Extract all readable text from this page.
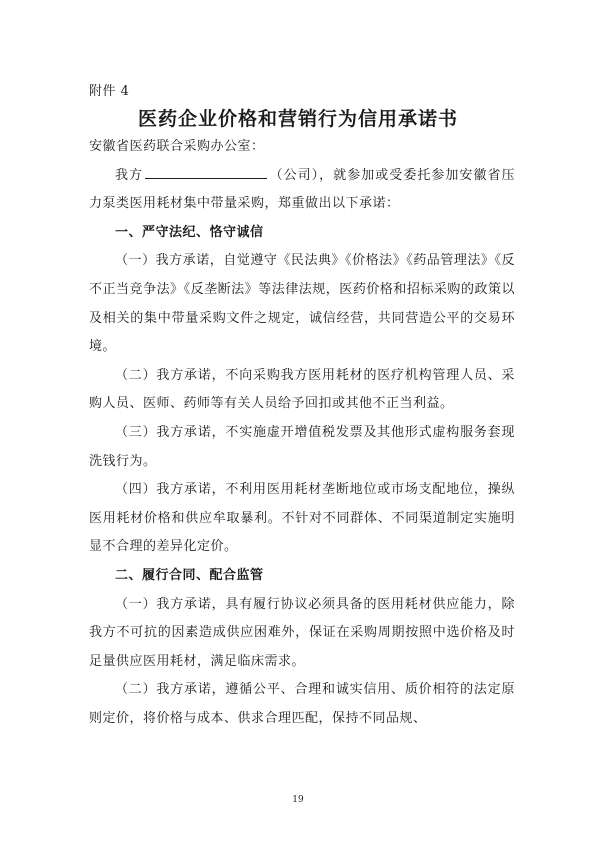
附件 4
医药企业价格和营销行为信用承诺书

安徽省医药联合采购办公室：

我方	（公司），就参加或受委托参加安徽省压力泵类医用耗材集中带量采购，郑重做出以下承诺：

一、严守法纪、恪守诚信

（一）我方承诺，自觉遵守《民法典》《价格法》《药品管理法》《反不正当竞争法》《反垄断法》等法律法规，医药价格和招标采购的政策以及相关的集中带量采购文件之规定，诚信经营，共同营造公平的交易环境。

（二）我方承诺，不向采购我方医用耗材的医疗机构管理人员、采购人员、医师、药师等有关人员给予回扣或其他不正当利益。

（三）我方承诺，不实施虚开增值税发票及其他形式虚构服务套现洗钱行为。

（四）我方承诺，不利用医用耗材垄断地位或市场支配地位，操纵医用耗材价格和供应牟取暴利。不针对不同群体、不同渠道制定实施明显不合理的差异化定价。

二、履行合同、配合监管

（一）我方承诺，具有履行协议必须具备的医用耗材供应能力，除我方不可抗的因素造成供应困难外，保证在采购周期按照中选价格及时足量供应医用耗材，满足临床需求。

（二）我方承诺，遵循公平、合理和诚实信用、质价相符的法定原则定价，将价格与成本、供求合理匹配，保持不同品规、

19
